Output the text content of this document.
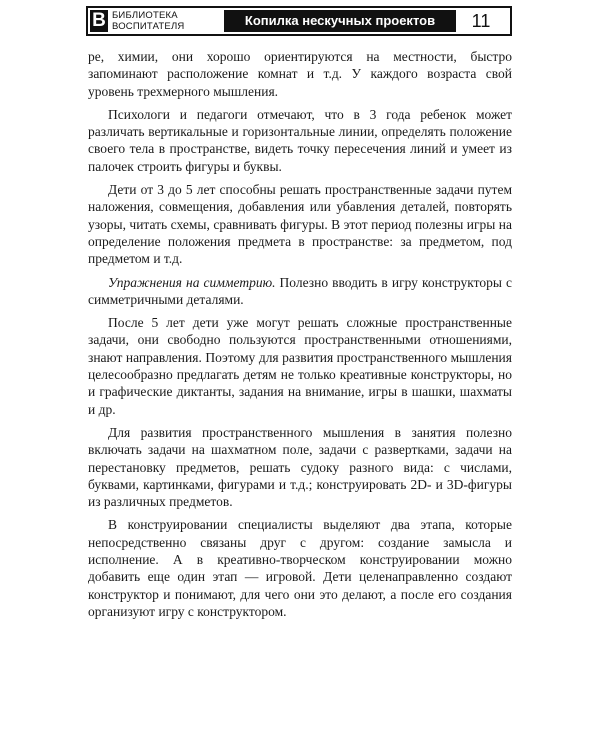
В БИБЛИОТЕКА
ВОСПИТАТЕЛЯ	Копилка нескучных проектов	11

ре, химии, они хорошо ориентируются на местности, быстро запоминают расположение комнат и т.д. У каждого возраста свой уровень трехмерного мышления.

Психологи и педагоги отмечают, что в 3 года ребенок может различать вертикальные и горизонтальные линии, определять положение своего тела в пространстве, видеть точку пересечения линий и умеет из палочек строить фигуры и буквы.

Дети от 3 до 5 лет способны решать пространственные задачи путем наложения, совмещения, добавления или убавления деталей, повторять узоры, читать схемы, сравнивать фигуры. В этот период полезны игры на определение положения предмета в пространстве: за предметом, под предметом и т.д.

Упражнения на симметрию. Полезно вводить в игру конструкторы с симметричными деталями.

После 5 лет дети уже могут решать сложные пространственные задачи, они свободно пользуются пространственными отношениями, знают направления. Поэтому для развития пространственного мышления целесообразно предлагать детям не только креативные конструкторы, но и графические диктанты, задания на внимание, игры в шашки, шахматы и др.

Для развития пространственного мышления в занятия полезно включать задачи на шахматном поле, задачи с развертками, задачи на перестановку предметов, решать судоку разного вида: с числами, буквами, картинками, фигурами и т.д.; конструировать 2D- и 3D-фигуры из различных предметов.

В конструировании специалисты выделяют два этапа, которые непосредственно связаны друг с другом: создание замысла и исполнение. А в креативно-творческом конструировании можно добавить еще один этап — игровой. Дети целенаправленно создают конструктор и понимают, для чего они это делают, а после его создания организуют игру с конструктором.
